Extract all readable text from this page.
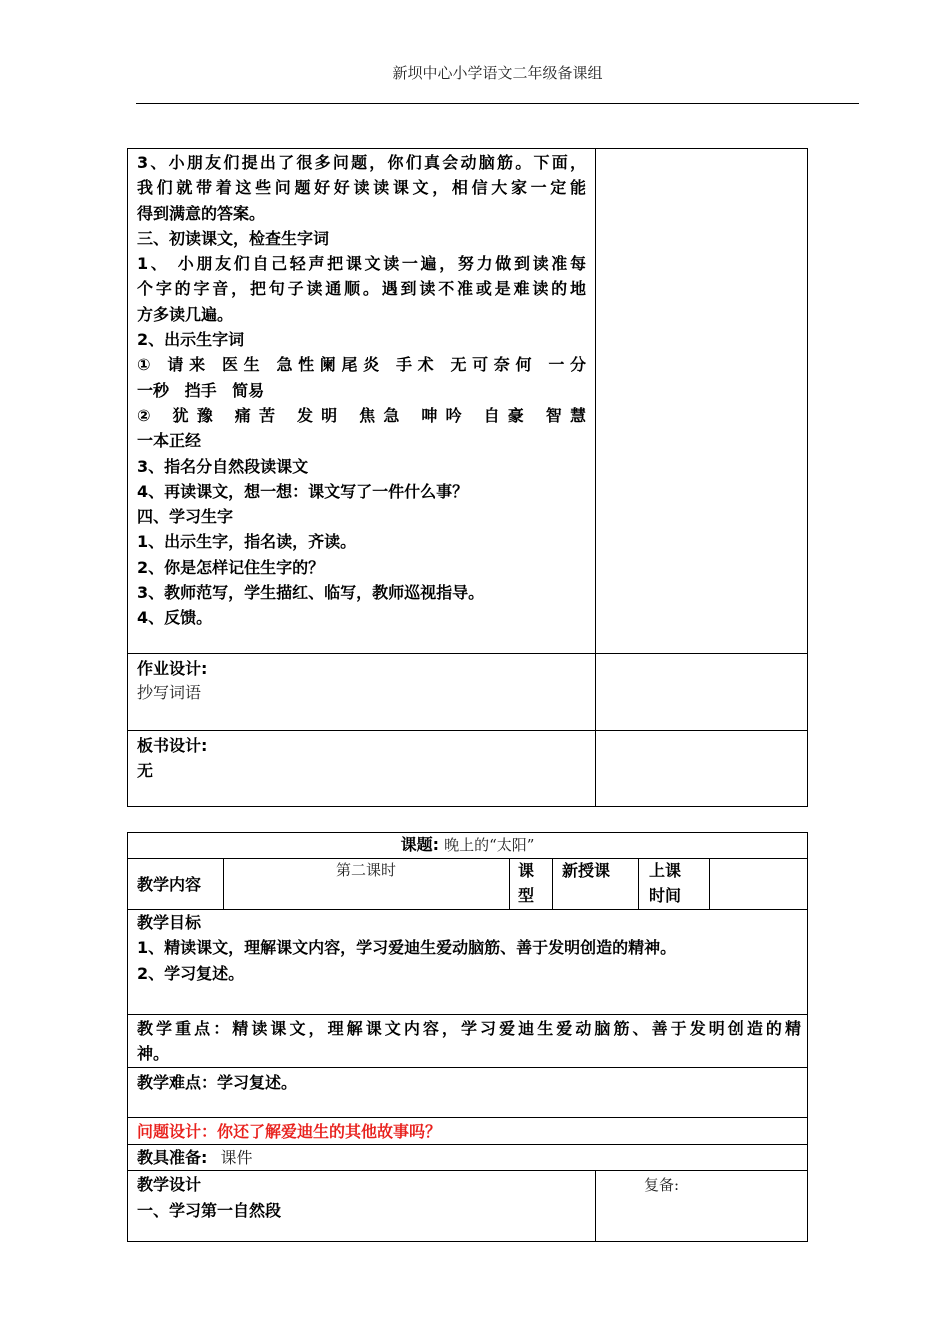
新坝中心小学语文二年级备课组
3、小朋友们提出了很多问题，你们真会动脑筋。下面，
我们就带着这些问题好好读读课文，相信大家一定能
得到满意的答案。
三、初读课文，检查生字词
1、 小朋友们自己轻声把课文读一遍，努力做到读准每
个字的字音，把句子读通顺。遇到读不准或是难读的地
方多读几遍。
2、出示生字词
① 请来 医生 急性阑尾炎 手术 无可奈何 一分
一秒 挡手 简易
② 犹豫 痛苦 发明 焦急 呻吟 自豪 智慧
一本正经
3、指名分自然段读课文
4、再读课文，想一想：课文写了一件什么事？
四、学习生字
1、出示生字，指名读，齐读。
2、你是怎样记住生字的？
3、教师范写，学生描红、临写，教师巡视指导。
4、反馈。
作业设计:
抄写词语
板书设计:
无
课题: 晚上的“太阳”
教学内容
第二课时	课
型
新授课 上课
时间
教学目标
1、精读课文，理解课文内容，学习爱迪生爱动脑筋、善于发明创造的精神。
2、学习复述。
教学重点：精读课文，理解课文内容，学习爱迪生爱动脑筋、善于发明创造的精
神。
教学难点：学习复述。
问题设计：你还了解爱迪生的其他故事吗？
教具准备: 课件
教学设计
一、学习第一自然段
复备:
